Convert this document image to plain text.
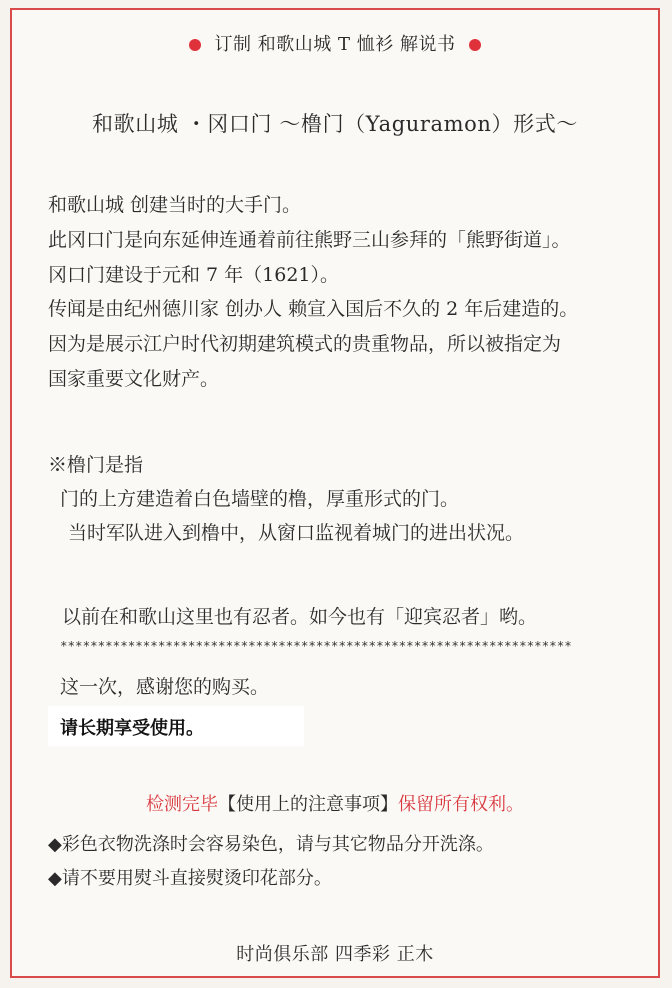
订制 和歌山城 T 恤衫 解说书
和歌山城 ・冈口门 〜橹门（Yaguramon）形式〜
和歌山城 创建当时的大手门。
此冈口门是向东延伸连通着前往熊野三山参拜的「熊野街道」。
冈口门建设于元和 7 年（1621）。
传闻是由纪州德川家 创办人 赖宣入国后不久的 2 年后建造的。
因为是展示江户时代初期建筑模式的贵重物品，所以被指定为
国家重要文化财产。
※橹门是指
门的上方建造着白色墙壁的橹，厚重形式的门。
当时军队进入到橹中，从窗口监视着城门的进出状况。
以前在和歌山这里也有忍者。如今也有「迎宾忍者」哟。
********************************************************************
这一次，感谢您的购买。
请长期享受使用。
检测完毕【使用上的注意事项】保留所有权利。
◆彩色衣物洗涤时会容易染色，请与其它物品分开洗涤。
◆请不要用熨斗直接熨烫印花部分。
时尚俱乐部 四季彩 正木
